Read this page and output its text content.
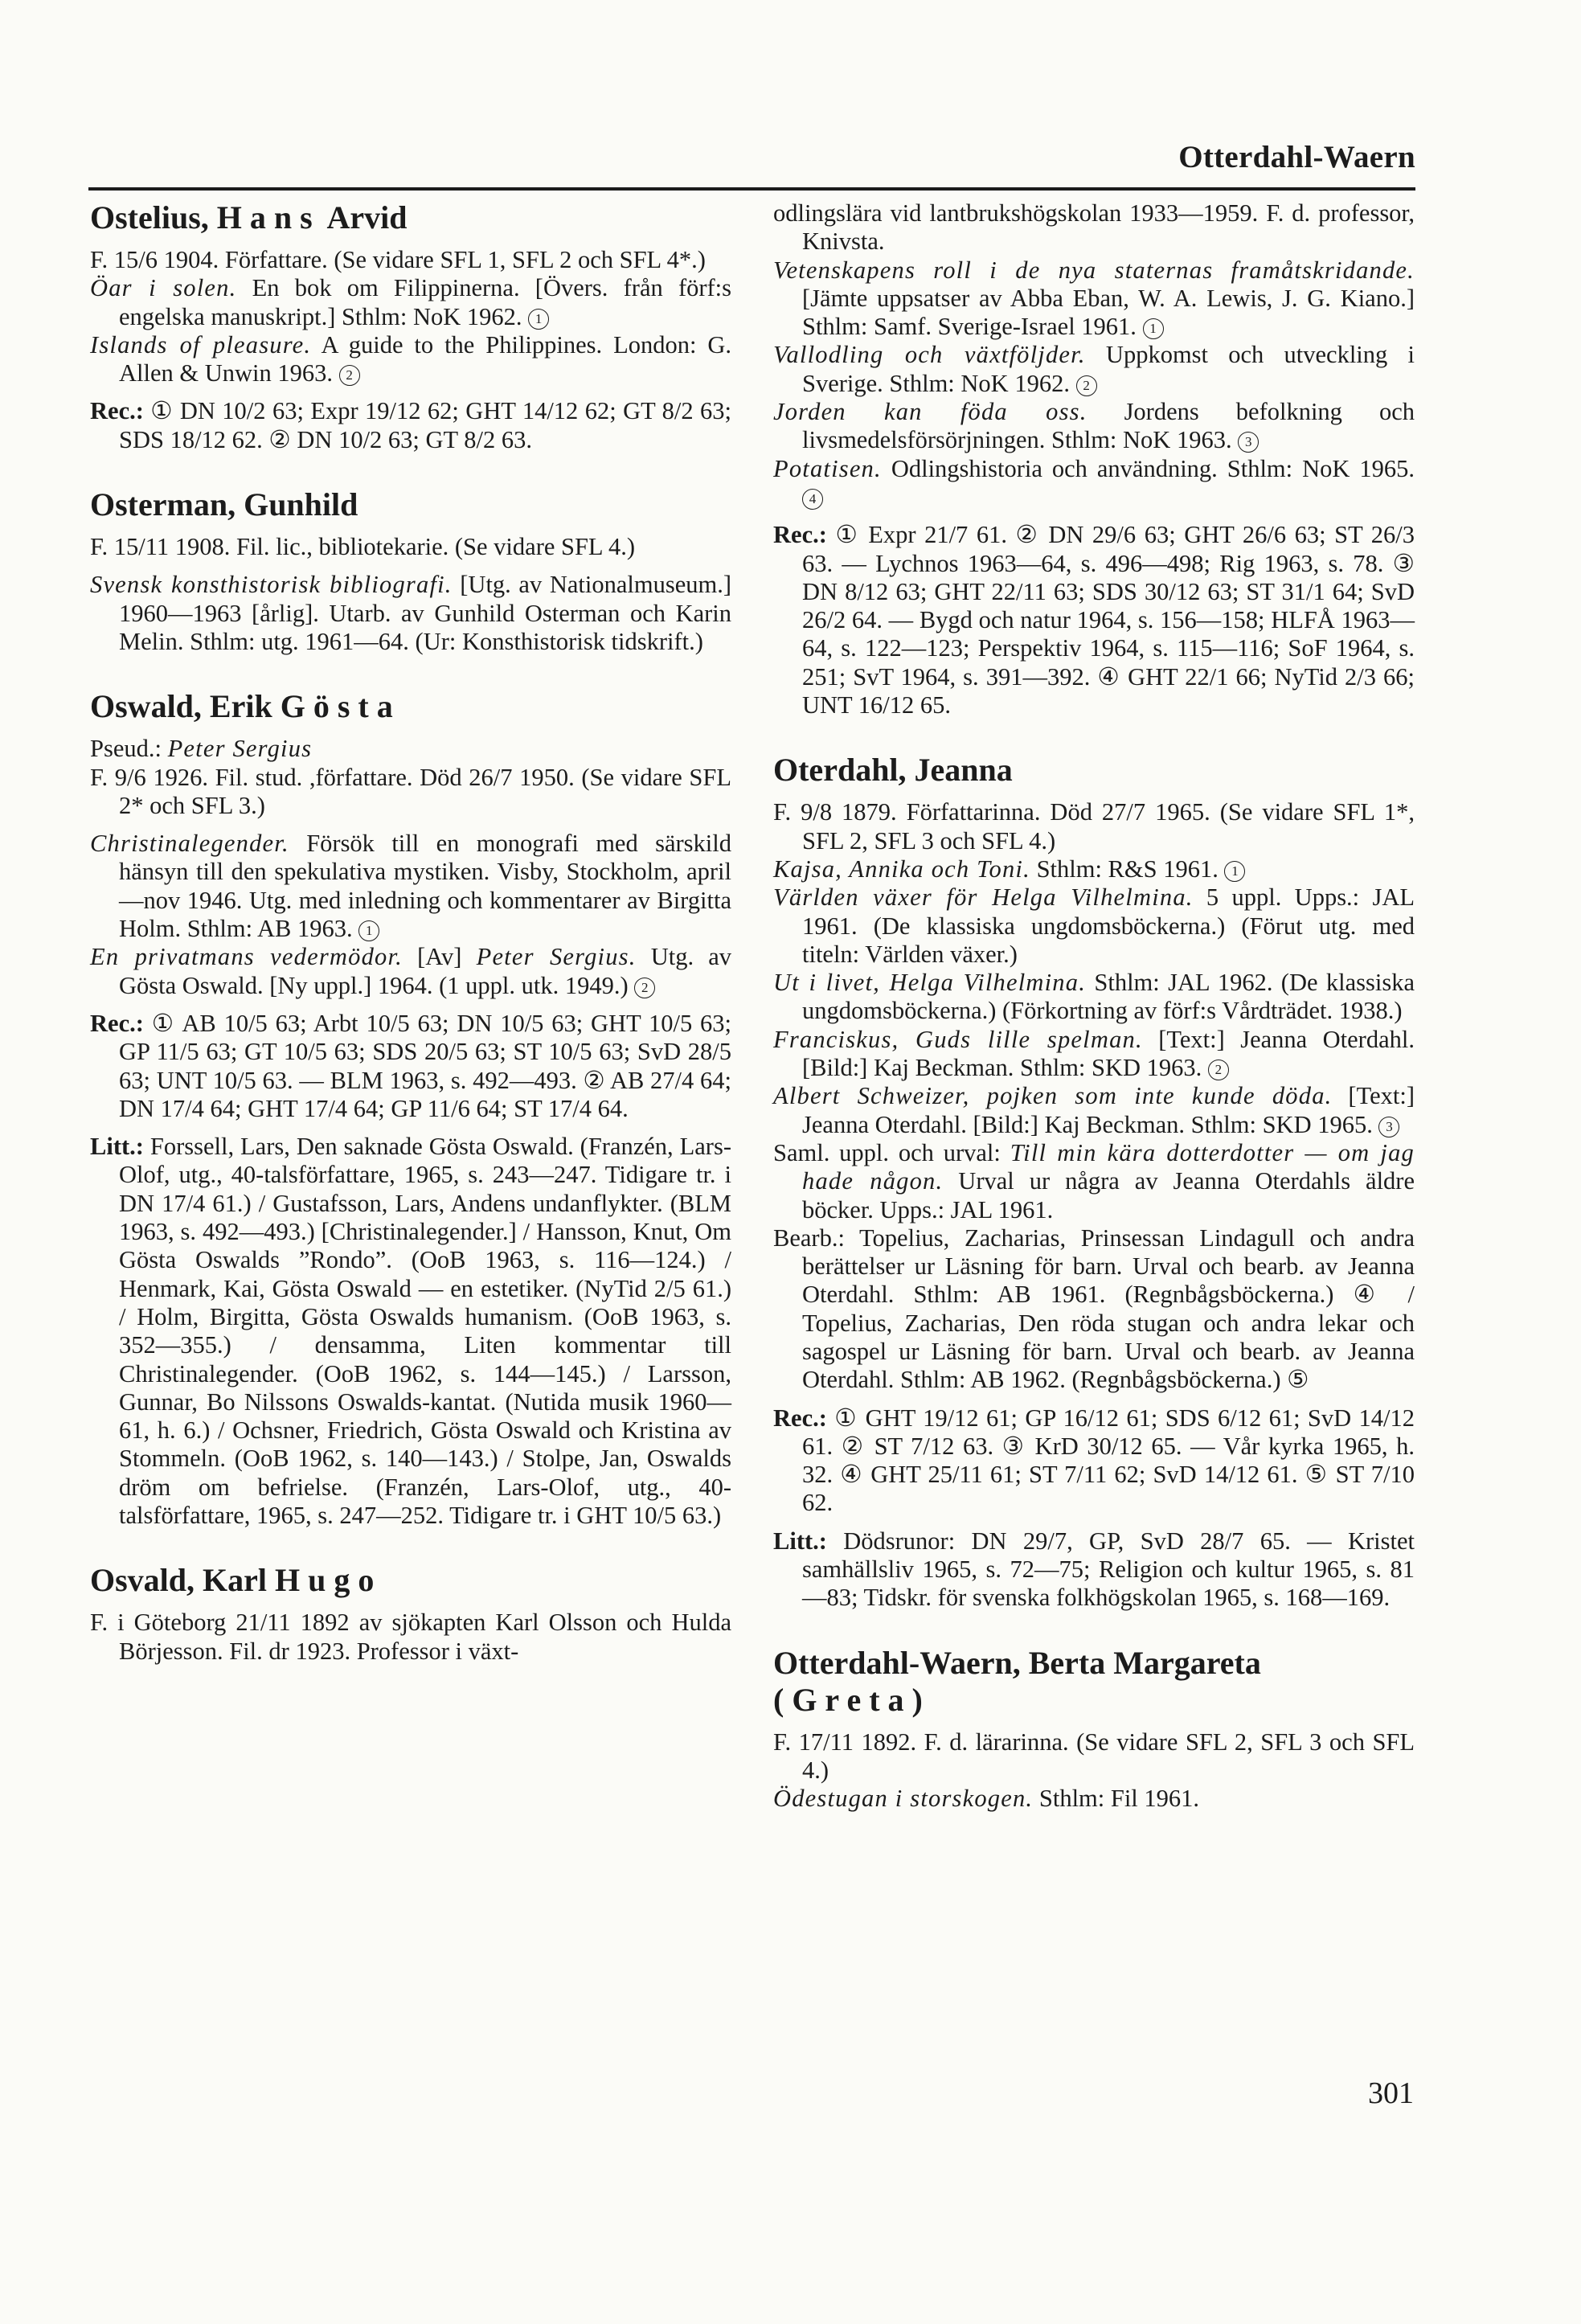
Otterdahl-Waern
Ostelius, Hans Arvid

F. 15/6 1904. Författare. (Se vidare SFL 1, SFL 2 och SFL 4*.)

Öar i solen. En bok om Filippinerna. [Övers. från förf:s engelska manuskript.] Sthlm: NoK 1962. 1

Islands of pleasure. A guide to the Philippines. London: G. Allen & Unwin 1963. 2

Rec.: ① DN 10/2 63; Expr 19/12 62; GHT 14/12 62; GT 8/2 63; SDS 18/12 62. ② DN 10/2 63; GT 8/2 63.

Osterman, Gunhild

F. 15/11 1908. Fil. lic., bibliotekarie. (Se vidare SFL 4.)

Svensk konsthistorisk bibliografi. [Utg. av Nationalmuseum.] 1960—1963 [årlig]. Utarb. av Gunhild Osterman och Karin Melin. Sthlm: utg. 1961—64. (Ur: Konsthistorisk tidskrift.)

Oswald, Erik Gösta

Pseud.: Peter Sergius

F. 9/6 1926. Fil. stud. ,författare. Död 26/7 1950. (Se vidare SFL 2* och SFL 3.)

Christinalegender. Försök till en monografi med särskild hänsyn till den spekulativa mystiken. Visby, Stockholm, april—nov 1946. Utg. med inledning och kommentarer av Birgitta Holm. Sthlm: AB 1963. 1

En privatmans vedermödor. [Av] Peter Sergius. Utg. av Gösta Oswald. [Ny uppl.] 1964. (1 uppl. utk. 1949.) 2

Rec.: ① AB 10/5 63; Arbt 10/5 63; DN 10/5 63; GHT 10/5 63; GP 11/5 63; GT 10/5 63; SDS 20/5 63; ST 10/5 63; SvD 28/5 63; UNT 10/5 63. — BLM 1963, s. 492—493. ② AB 27/4 64; DN 17/4 64; GHT 17/4 64; GP 11/6 64; ST 17/4 64.

Litt.: Forssell, Lars, Den saknade Gösta Oswald. (Franzén, Lars-Olof, utg., 40-talsförfattare, 1965, s. 243—247. Tidigare tr. i DN 17/4 61.) / Gustafsson, Lars, Andens undanflykter. (BLM 1963, s. 492—493.) [Christinalegender.] / Hansson, Knut, Om Gösta Oswalds ”Rondo”. (OoB 1963, s. 116—124.) / Henmark, Kai, Gösta Oswald — en estetiker. (NyTid 2/5 61.) / Holm, Birgitta, Gösta Oswalds humanism. (OoB 1963, s. 352—355.) / densamma, Liten kommentar till Christinalegender. (OoB 1962, s. 144—145.) / Larsson, Gunnar, Bo Nilssons Oswalds-kantat. (Nutida musik 1960—61, h. 6.) / Ochsner, Friedrich, Gösta Oswald och Kristina av Stommeln. (OoB 1962, s. 140—143.) / Stolpe, Jan, Oswalds dröm om befrielse. (Franzén, Lars-Olof, utg., 40-talsförfattare, 1965, s. 247—252. Tidigare tr. i GHT 10/5 63.)

Osvald, Karl Hugo

F. i Göteborg 21/11 1892 av sjökapten Karl Olsson och Hulda Börjesson. Fil. dr 1923. Professor i växt-

odlingslära vid lantbrukshögskolan 1933—1959. F. d. professor, Knivsta.

Vetenskapens roll i de nya staternas framåtskridande. [Jämte uppsatser av Abba Eban, W. A. Lewis, J. G. Kiano.] Sthlm: Samf. Sverige-Israel 1961. 1

Vallodling och växtföljder. Uppkomst och utveckling i Sverige. Sthlm: NoK 1962. 2

Jorden kan föda oss. Jordens befolkning och livsmedelsförsörjningen. Sthlm: NoK 1963. 3

Potatisen. Odlingshistoria och användning. Sthlm: NoK 1965. 4

Rec.: ① Expr 21/7 61. ② DN 29/6 63; GHT 26/6 63; ST 26/3 63. — Lychnos 1963—64, s. 496—498; Rig 1963, s. 78. ③ DN 8/12 63; GHT 22/11 63; SDS 30/12 63; ST 31/1 64; SvD 26/2 64. — Bygd och natur 1964, s. 156—158; HLFÅ 1963—64, s. 122—123; Perspektiv 1964, s. 115—116; SoF 1964, s. 251; SvT 1964, s. 391—392. ④ GHT 22/1 66; NyTid 2/3 66; UNT 16/12 65.

Oterdahl, Jeanna

F. 9/8 1879. Författarinna. Död 27/7 1965. (Se vidare SFL 1*, SFL 2, SFL 3 och SFL 4.)

Kajsa, Annika och Toni. Sthlm: R&S 1961. 1

Världen växer för Helga Vilhelmina. 5 uppl. Upps.: JAL 1961. (De klassiska ungdomsböckerna.) (Förut utg. med titeln: Världen växer.)

Ut i livet, Helga Vilhelmina. Sthlm: JAL 1962. (De klassiska ungdomsböckerna.) (Förkortning av förf:s Vårdträdet. 1938.)

Franciskus, Guds lille spelman. [Text:] Jeanna Oterdahl. [Bild:] Kaj Beckman. Sthlm: SKD 1963. 2

Albert Schweizer, pojken som inte kunde döda. [Text:] Jeanna Oterdahl. [Bild:] Kaj Beckman. Sthlm: SKD 1965. 3

Saml. uppl. och urval: Till min kära dotterdotter — om jag hade någon. Urval ur några av Jeanna Oterdahls äldre böcker. Upps.: JAL 1961.

Bearb.: Topelius, Zacharias, Prinsessan Lindagull och andra berättelser ur Läsning för barn. Urval och bearb. av Jeanna Oterdahl. Sthlm: AB 1961. (Regnbågsböckerna.) ④ / Topelius, Zacharias, Den röda stugan och andra lekar och sagospel ur Läsning för barn. Urval och bearb. av Jeanna Oterdahl. Sthlm: AB 1962. (Regnbågsböckerna.) ⑤

Rec.: ① GHT 19/12 61; GP 16/12 61; SDS 6/12 61; SvD 14/12 61. ② ST 7/12 63. ③ KrD 30/12 65. — Vår kyrka 1965, h. 32. ④ GHT 25/11 61; ST 7/11 62; SvD 14/12 61. ⑤ ST 7/10 62.

Litt.: Dödsrunor: DN 29/7, GP, SvD 28/7 65. — Kristet samhällsliv 1965, s. 72—75; Religion och kultur 1965, s. 81—83; Tidskr. för svenska folkhögskolan 1965, s. 168—169.

Otterdahl-Waern, Berta Margareta
(Greta)

F. 17/11 1892. F. d. lärarinna. (Se vidare SFL 2, SFL 3 och SFL 4.)

Ödestugan i storskogen. Sthlm: Fil 1961.

301
